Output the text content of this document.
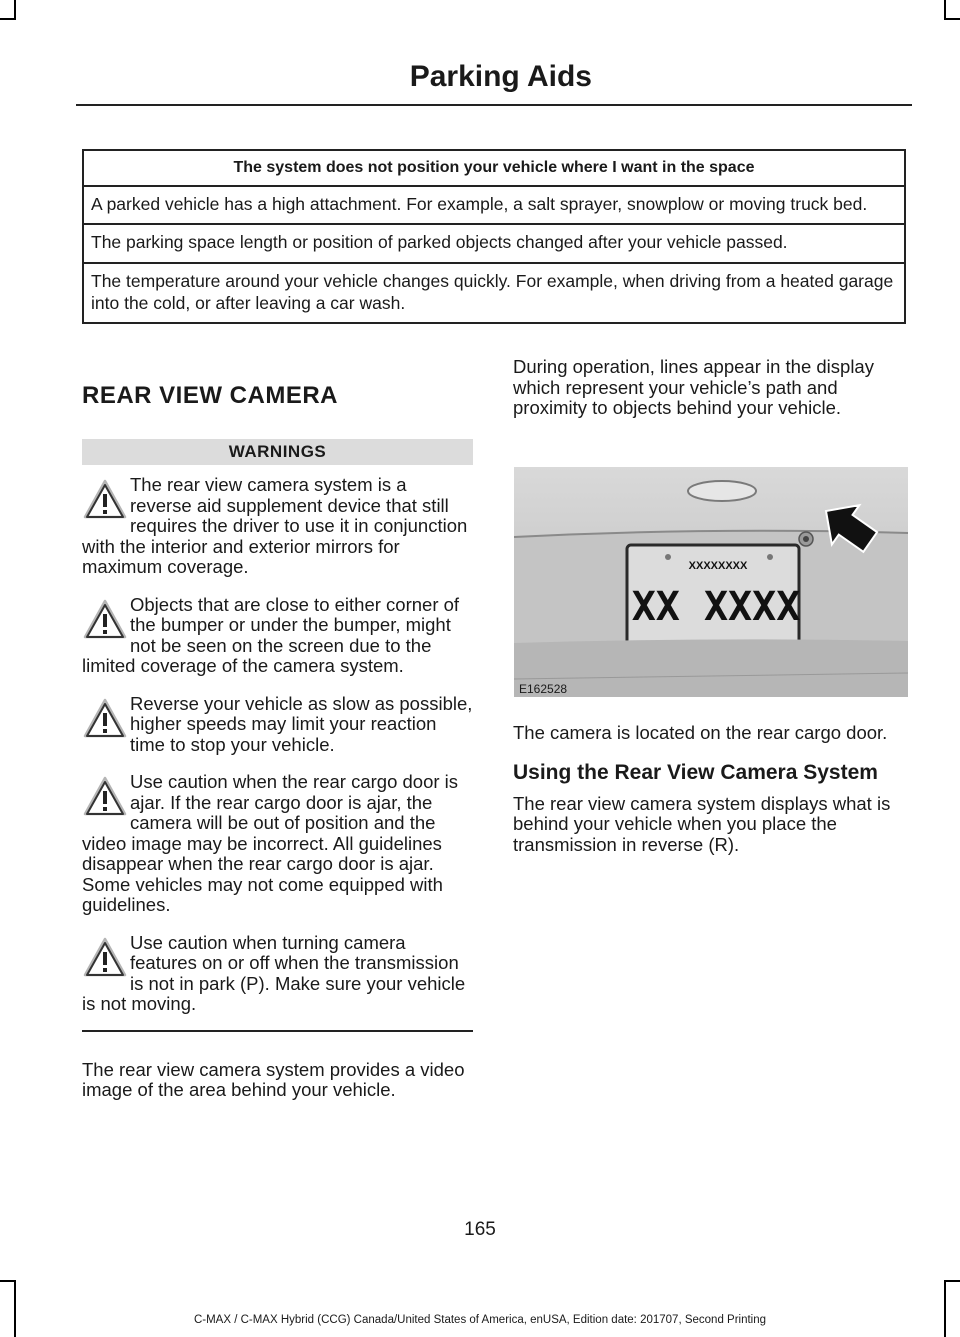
Parking Aids
The system does not position your vehicle where I want in the space
A parked vehicle has a high attachment. For example, a salt sprayer, snowplow or moving truck bed.
The parking space length or position of parked objects changed after your vehicle passed.
The temperature around your vehicle changes quickly. For example, when driving from a heated garage into the cold, or after leaving a car wash.
REAR VIEW CAMERA
WARNINGS

The rear view camera system is a reverse aid supplement device that still requires the driver to use it in conjunction with the interior and exterior mirrors for maximum coverage.

Objects that are close to either corner of the bumper or under the bumper, might not be seen on the screen due to the limited coverage of the camera system.

Reverse your vehicle as slow as possible, higher speeds may limit your reaction time to stop your vehicle.

Use caution when the rear cargo door is ajar. If the rear cargo door is ajar, the camera will be out of position and the video image may be incorrect. All guidelines disappear when the rear cargo door is ajar. Some vehicles may not come equipped with guidelines.

Use caution when turning camera features on or off when the transmission is not in park (P). Make sure your vehicle is not moving.

The rear view camera system provides a video image of the area behind your vehicle.

During operation, lines appear in the display which represent your vehicle’s path and proximity to objects behind your vehicle.

XXXXXXXX
XX XXXX
E162528

The camera is located on the rear cargo door.

Using the Rear View Camera System

The rear view camera system displays what is behind your vehicle when you place the transmission in reverse (R).

165
C-MAX / C-MAX Hybrid (CCG) Canada/United States of America, enUSA, Edition date: 201707, Second Printing
